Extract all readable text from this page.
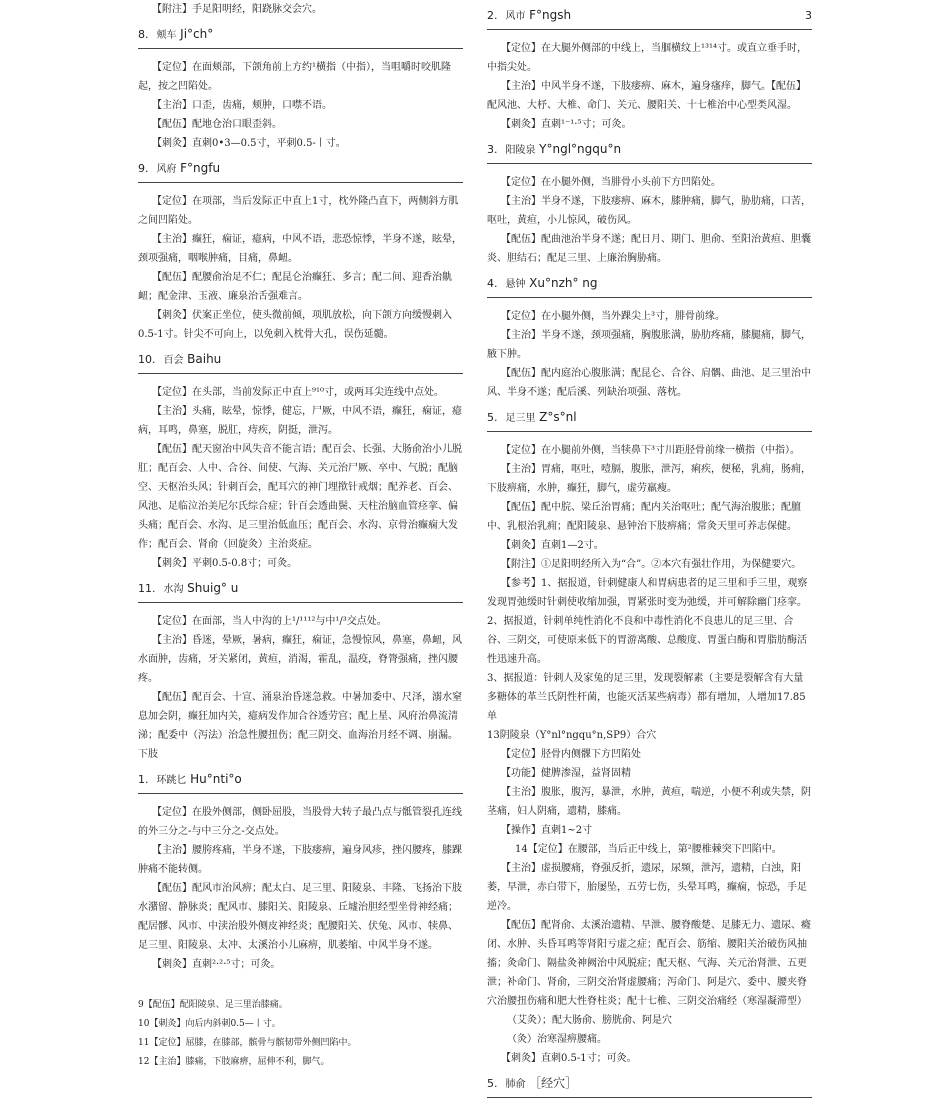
【附注】手足阳明经，阳跷脉交会穴。

8. 颊车 Ji°ch°

【定位】在面颊部，下颌角前上方约¹横指（中指），当咀嚼时咬肌隆起，按之凹陷处。

【主治】口歪，齿痛，颊肿，口噤不语。

【配伍】配地仓治口眼歪斜。

【刺灸】直刺0•3—0.5寸，平刺0.5-丨寸。

9. 风府 F°ngfu

【定位】在项部，当后发际正中直上1寸，枕外隆凸直下，两侧斜方肌之间凹陷处。

【主治】癫狂，痫证，癔病，中风不语，悲恐惊悸，半身不遂，眩晕，颈项强痛，咽喉肿痛，目痛，鼻衄。

【配伍】配腰俞治足不仁；配昆仑治癫狂、多言；配二间、迎香治鼽衄；配金津、玉液、廉泉治舌强难言。

【刺灸】伏案正坐位，使头微前倾，项肌放松，向下颌方向缓慢刺入0.5-1寸。针尖不可向上，以免刺入枕骨大孔，误伤延髓。

10. 百会 Baihu

【定位】在头部，当前发际正中直上⁹¹⁰寸，或两耳尖连线中点处。

【主治】头痛，眩晕，惊悸，健忘，尸厥，中风不语，癫狂，痫证，癔病，耳鸣，鼻塞，脱肛，痔疾，阴挺，泄泻。

【配伍】配天窗治中风失音不能言语；配百会、长强、大肠俞治小儿脱肛；配百会、人中、合谷、间使、气海、关元治尸厥、卒中、气脱；配脑空、天枢治头风；针刺百会，配耳穴的神门埋揿针戒烟；配养老、百会、风池、足临泣治美尼尔氏综合症；针百会透曲鬓、天柱治脑血管痉挛、偏头痛；配百会、水沟、足三里治低血压；配百会、水沟、京骨治癫痫大发作；配百会、肾俞（回旋灸）主治炎症。

【刺灸】平刺0.5-0.8寸；可灸。

11. 水沟 Shuig° u

【定位】在面部，当人中沟的上¹/¹¹¹²与中¹/³交点处。

【主治】昏迷，晕厥，暑病，癫狂，痫证，急慢惊风，鼻塞，鼻衄，风水面肿，齿痛，牙关紧闭，黄疸，消渴，霍乱，温疫，脊膂强痛，挫闪腰疼。

【配伍】配百会、十宣、涌泉治昏迷急救。中暑加委中、尺泽，溺水窒息加会阴，癫狂加内关，癔病发作加合谷透劳宫；配上星、风府治鼻流清涕；配委中（泻法）治急性腰扭伤；配三阴交、血海治月经不调、崩漏。

下肢

1. 环跳匕 Hu°nti°o

【定位】在股外侧部，侧卧屈股，当股骨大转子最凸点与骶管裂孔连线的外三分之-与中三分之-交点处。

【主治】腰胯疼痛，半身不遂，下肢痿痹，遍身风疹，挫闪腰疼，膝踝肿痛不能转侧。

【配伍】配风市治风痹；配太白、足三里、阳陵泉、丰隆、飞扬治下肢水潴留、静脉炎；配风市、膝阳关、阳陵泉、丘墟治胆经型坐骨神经痛；配居髎、风市、中渎治股外侧皮神经炎；配腰阳关、伏兔、风市、犊鼻、足三里、阳陵泉、太冲、太溪治小儿麻痹，肌萎缩、中风半身不遂。

【刺灸】直刺²·²·⁵寸；可灸。

9【配伍】配阳陵泉、足三里治膝痛。

10【刺灸】向后内斜刺0.5—丨寸。

11【定位】屈膝，在膝部，髌骨与髌韧带外侧凹陷中。

12【主治】膝痛，下肢麻痹，屈伸不利，脚气。

2. 风市 F°ngsh	3

【定位】在大腿外侧部的中线上，当腘横纹上¹³¹⁴寸。或直立垂手时，中指尖处。

【主治】中风半身不遂，下肢痿痹、麻木，遍身瘙痒，脚气。【配伍】配风池、大杼、大椎、命门、关元、腰阳关、十七椎治中心型类风湿。

【刺灸】直刺¹⁻¹·⁵寸；可灸。

3. 阳陵泉 Y°ngl°ngqu°n

【定位】在小腿外侧，当腓骨小头前下方凹陷处。

【主治】半身不遂，下肢痿痹、麻木，膝肿痛，脚气，胁肋痛，口苦，呕吐，黄疸，小儿惊风，破伤风。

【配伍】配曲池治半身不遂；配日月、期门、胆俞、至阳治黄疸、胆囊炎、胆结石；配足三里、上廉治胸胁痛。

4. 悬钟 Xu°nzh° ng

【定位】在小腿外侧，当外踝尖上³寸，腓骨前缘。

【主治】半身不遂，颈项强痛，胸腹胀满，胁肋疼痛，膝腿痛，脚气，腋下肿。

【配伍】配内庭治心腹胀满；配昆仑、合谷、肩髃、曲池、足三里治中风、半身不遂；配后溪、列缺治项强、落枕。

5. 足三里 Z°s°nl

【定位】在小腿前外侧，当犊鼻下³寸川距胫骨前缘一横指（中指）。

【主治】胃痛，呕吐，噎膈，腹胀，泄泻，痢疾，便秘，乳痈，肠痈，下肢痹痛，水肿，癫狂，脚气，虚劳羸瘦。

【配伍】配中脘、梁丘治胃痛；配内关治呕吐；配气海治腹胀；配膻中、乳根治乳痈；配阳陵泉、悬钟治下肢痹痛；常灸天里可养志保健。

【刺灸】直刺1—2寸。

【附注】①足阳明经所入为“合”。②本穴有强壮作用，为保健要穴。

【参考】1、据报道，针刺健康人和胃病患者的足三里和手三里，观察发现胃弛缓时针刺使收缩加强，胃紧张时变为弛缓，并可解除幽门痉挛。

2、据报道，针刺单纯性消化不良和中毒性消化不良患儿的足三里、合谷、三阴交，可使原来低下的胃游离酸、总酸度、胃蛋白酶和胃脂肪酶活性迅速升高。

3、据报道：针刺人及家兔的足三里，发现裂解素（主要是裂解含有大量多糖体的革兰氏阴性杆菌，也能灭活某些病毒）都有增加，人增加17.85单

13阴陵泉（Y°nl°ngqu°n,SP9）合穴

【定位】胫骨内侧髁下方凹陷处

【功能】健脾渗湿，益肾固精

【主治】腹胀，腹泻，暴泄，水肿，黄疸，喘逆，小便不利或失禁，阴茎痛，妇人阴痛，遗精，膝痛。

【操作】直刺1~2寸

14【定位】在腰部，当后正中线上，第²腰椎棘突下凹陷中。

【主治】虚损腰痛，脊强反折，遗尿，尿频，泄泻，遗精，白浊，阳萎，早泄，赤白带下，胎屡坠，五劳七伤，头晕耳鸣，癫痫，惊恐，手足逆冷。

【配伍】配肾俞、太溪治遗精、早泄、腰脊酸楚、足膝无力、遗尿、癃闭、水肿、头昏耳鸣等肾阳亏虚之症；配百会、筋缩、腰阳关治破伤风抽搐；灸命门、隔盐灸神阙治中风脱症；配天枢、气海、关元治肾泄、五更泄；补命门、肾俞，三阴交治肾虚腰痛；泻命门、阿是穴、委中、腰夹脊穴治腰扭伤痛和肥大性脊柱炎；配十七椎、三阴交治痛经（寒湿凝滞型）

（艾灸）；配大肠俞、膀胱俞、阿是穴

（灸）治寒湿痹腰痛。

【刺灸】直刺0.5-1寸；可灸。

5. 肺俞 ［经穴］
